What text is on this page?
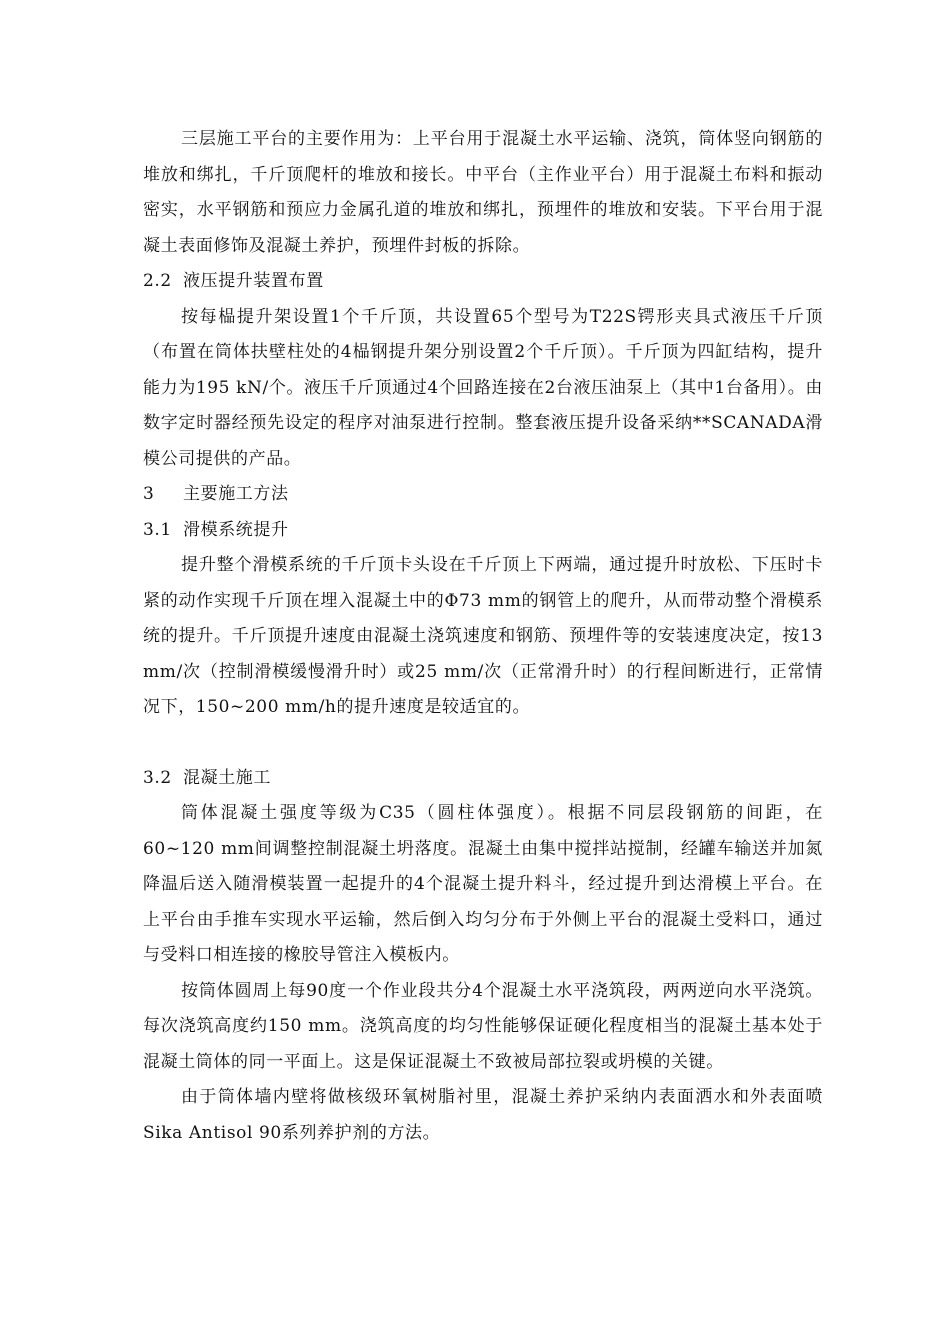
三层施工平台的主要作用为：上平台用于混凝土水平运输、浇筑，筒体竖向钢筋的堆放和绑扎，千斤顶爬杆的堆放和接长。中平台（主作业平台）用于混凝土布料和振动密实，水平钢筋和预应力金属孔道的堆放和绑扎，预埋件的堆放和安装。下平台用于混凝土表面修饰及混凝土养护，预埋件封板的拆除。

2.2 液压提升装置布置

按每榀提升架设置1个千斤顶，共设置65个型号为T22S锷形夹具式液压千斤顶（布置在筒体扶壁柱处的4榀钢提升架分别设置2个千斤顶）。千斤顶为四缸结构，提升能力为195 kN/个。液压千斤顶通过4个回路连接在2台液压油泵上（其中1台备用）。由数字定时器经预先设定的程序对油泵进行控制。整套液压提升设备采纳**SCANADA滑模公司提供的产品。

3 主要施工方法
3.1 滑模系统提升

提升整个滑模系统的千斤顶卡头设在千斤顶上下两端，通过提升时放松、下压时卡紧的动作实现千斤顶在埋入混凝土中的Φ73 mm的钢管上的爬升，从而带动整个滑模系统的提升。千斤顶提升速度由混凝土浇筑速度和钢筋、预埋件等的安装速度决定，按13 mm/次（控制滑模缓慢滑升时）或25 mm/次（正常滑升时）的行程间断进行，正常情况下，150~200 mm/h的提升速度是较适宜的。

3.2 混凝土施工

筒体混凝土强度等级为C35（圆柱体强度）。根据不同层段钢筋的间距，在60~120 mm间调整控制混凝土坍落度。混凝土由集中搅拌站搅制，经罐车输送并加氮降温后送入随滑模装置一起提升的4个混凝土提升料斗，经过提升到达滑模上平台。在上平台由手推车实现水平运输，然后倒入均匀分布于外侧上平台的混凝土受料口，通过与受料口相连接的橡胶导管注入模板内。

按筒体圆周上每90度一个作业段共分4个混凝土水平浇筑段，两两逆向水平浇筑。每次浇筑高度约150 mm。浇筑高度的均匀性能够保证硬化程度相当的混凝土基本处于混凝土筒体的同一平面上。这是保证混凝土不致被局部拉裂或坍模的关键。

由于筒体墙内壁将做核级环氧树脂衬里，混凝土养护采纳内表面洒水和外表面喷Sika Antisol 90系列养护剂的方法。
